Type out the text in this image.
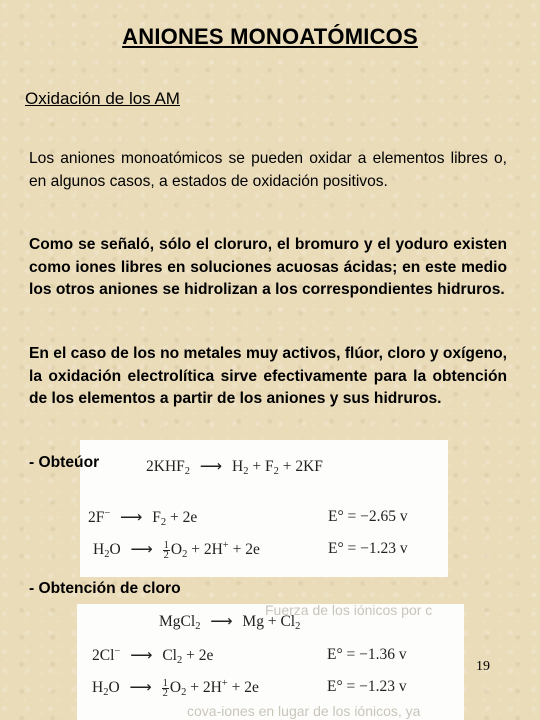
ANIONES MONOATÓMICOS
Oxidación de los AM
Los aniones monoatómicos se pueden oxidar a elementos libres o, en algunos casos, a estados de oxidación positivos.
Como se señaló, sólo el cloruro, el bromuro y el yoduro existen como iones libres en soluciones acuosas ácidas; en este medio los otros aniones se hidrolizan a los correspondientes hidruros.
En el caso de los no metales muy activos, flúor, cloro y oxígeno, la oxidación electrolítica sirve efectivamente para la obtención de los elementos a partir de los aniones y sus hidruros.
$2KHF_2$ ⟶ $H_2 + F_2 + 2KF$
2F− ⟶ $F_2 + 2e$	E° = −2.65 v
$H_2O$ ⟶ $\frac{1}{2} O_2 + 2H^+ + 2e$	E° = −1.23 v
- Obteúor
- Obtención de cloro
Fuerza de los iónicos por c
MgCl$_2$ ⟶ $Mg + Cl_2$
2Cl− ⟶ $Cl_2 + 2e$	E° = −1.36 v
$H_2O$ ⟶ $\frac{1}{2} O_2 + 2H^+ + 2e$	E° = −1.23 v
cova-iones en lugar de los iónicos, ya
19
